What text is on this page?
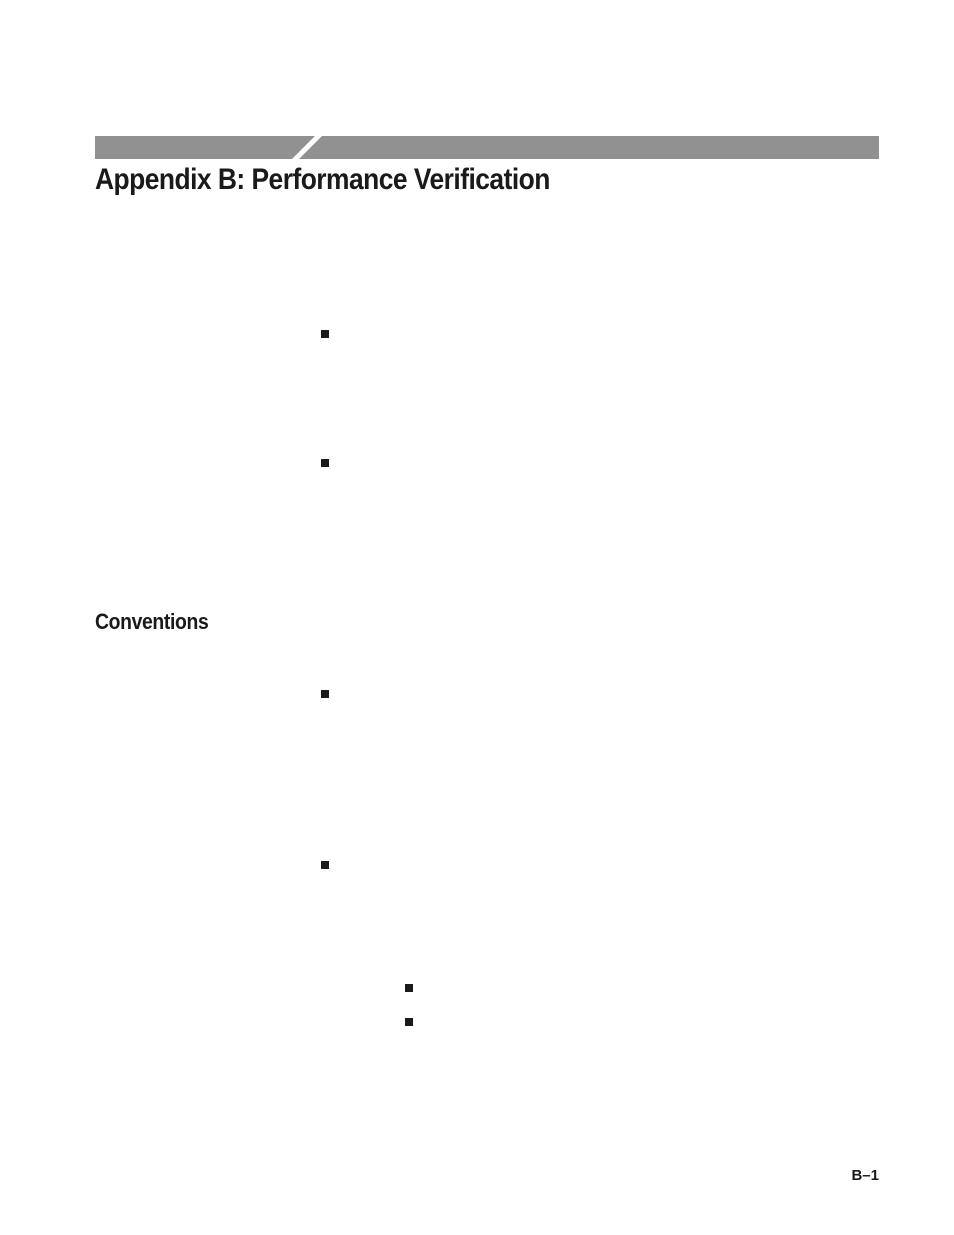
Appendix B: Performance Verification
Conventions
B–1
